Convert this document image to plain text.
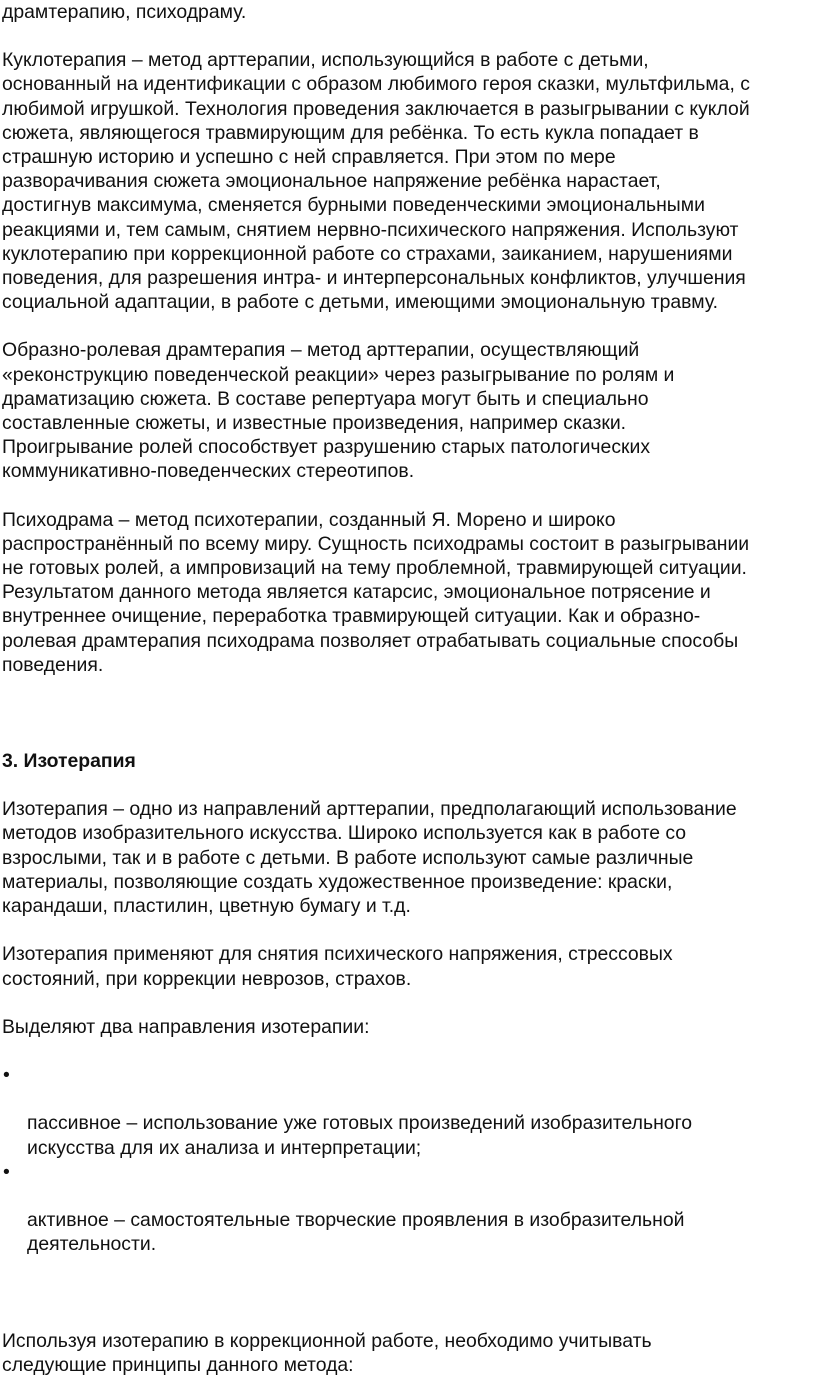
драмтерапию, психодраму.

Куклотерапия – метод арттерапии, использующийся в работе с детьми,
основанный на идентификации с образом любимого героя сказки, мультфильма, с
любимой игрушкой. Технология проведения заключается в разыгрывании с куклой
сюжета, являющегося травмирующим для ребёнка. То есть кукла попадает в
страшную историю и успешно с ней справляется. При этом по мере
разворачивания сюжета эмоциональное напряжение ребёнка нарастает,
достигнув максимума, сменяется бурными поведенческими эмоциональными
реакциями и, тем самым, снятием нервно-психического напряжения. Используют
куклотерапию при коррекционной работе со страхами, заиканием, нарушениями
поведения, для разрешения интра- и интерперсональных конфликтов, улучшения
социальной адаптации, в работе с детьми, имеющими эмоциональную травму.

Образно-ролевая драмтерапия – метод арттерапии, осуществляющий
«реконструкцию поведенческой реакции» через разыгрывание по ролям и
драматизацию сюжета. В составе репертуара могут быть и специально
составленные сюжеты, и известные произведения, например сказки.
Проигрывание ролей способствует разрушению старых патологических
коммуникативно-поведенческих стереотипов.

Психодрама – метод психотерапии, созданный Я. Морено и широко
распространённый по всему миру. Сущность психодрамы состоит в разыгрывании
не готовых ролей, а импровизаций на тему проблемной, травмирующей ситуации.
Результатом данного метода является катарсис, эмоциональное потрясение и
внутреннее очищение, переработка травмирующей ситуации. Как и образно-
ролевая драмтерапия психодрама позволяет отрабатывать социальные способы
поведения.

3. Изотерапия

Изотерапия – одно из направлений арттерапии, предполагающий использование
методов изобразительного искусства. Широко используется как в работе со
взрослыми, так и в работе с детьми. В работе используют самые различные
материалы, позволяющие создать художественное произведение: краски,
карандаши, пластилин, цветную бумагу и т.д.

Изотерапия применяют для снятия психического напряжения, стрессовых
состояний, при коррекции неврозов, страхов.

Выделяют два направления изотерапии:

•

пассивное – использование уже готовых произведений изобразительного
искусства для их анализа и интерпретации;

•

активное – самостоятельные творческие проявления в изобразительной
деятельности.

Используя изотерапию в коррекционной работе, необходимо учитывать
следующие принципы данного метода:
